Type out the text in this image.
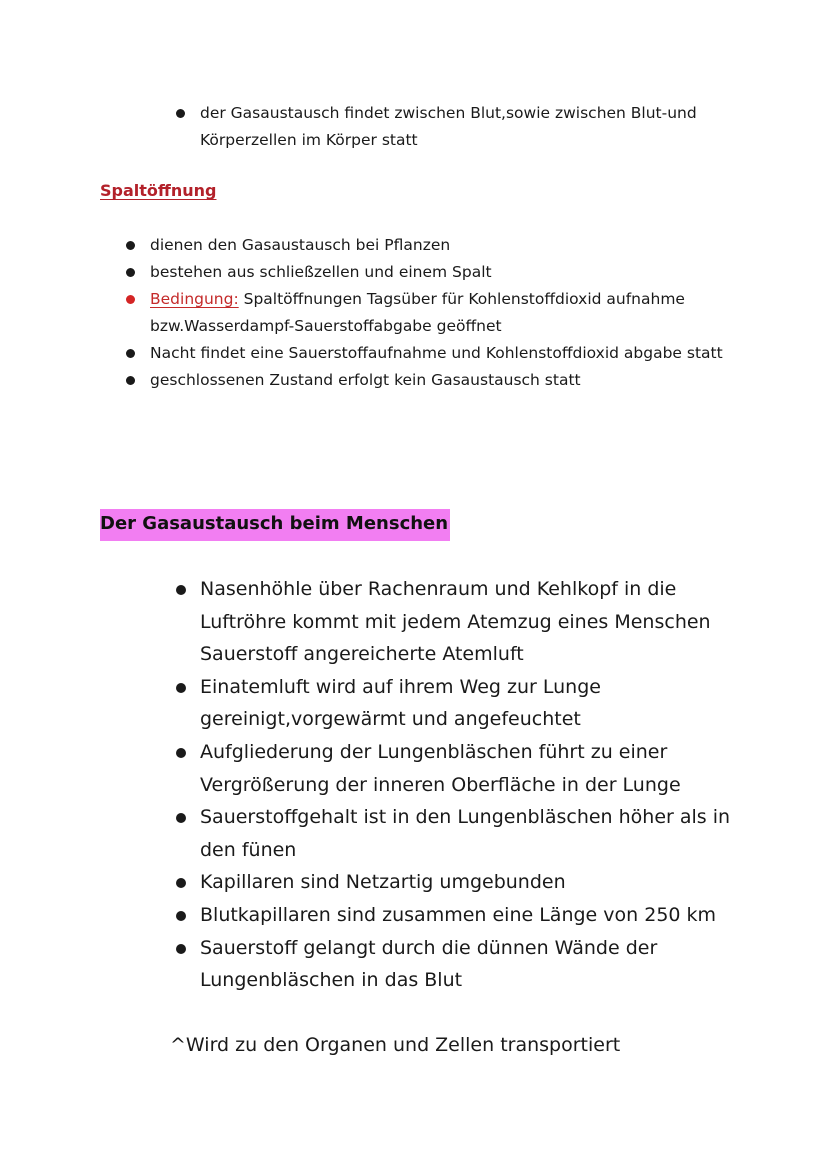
der Gasaustausch findet zwischen Blut,sowie zwischen Blut-und Körperzellen im Körper statt
Spaltöffnung
dienen den Gasaustausch bei Pflanzen
bestehen aus schließzellen und einem Spalt
Bedingung: Spaltöffnungen Tagsüber für Kohlenstoffdioxid aufnahme bzw.Wasserdampf-Sauerstoffabgabe geöffnet
Nacht findet eine Sauerstoffaufnahme und Kohlenstoffdioxid abgabe statt
geschlossenen Zustand erfolgt kein Gasaustausch statt
Der Gasaustausch beim Menschen
Nasenhöhle über Rachenraum und Kehlkopf in die Luftröhre kommt mit jedem Atemzug eines Menschen Sauerstoff angereicherte Atemluft
Einatemluft wird auf ihrem Weg zur Lunge gereinigt,vorgewärmt und angefeuchtet
Aufgliederung der Lungenbläschen führt zu einer Vergrößerung der inneren Oberfläche in der Lunge
Sauerstoffgehalt ist in den Lungenbläschen höher als in den fünen
Kapillaren sind Netzartig umgebunden
Blutkapillaren sind zusammen eine Länge von 250 km
Sauerstoff gelangt durch die dünnen Wände der Lungenbläschen in das Blut

^Wird zu den Organen und Zellen transportiert
